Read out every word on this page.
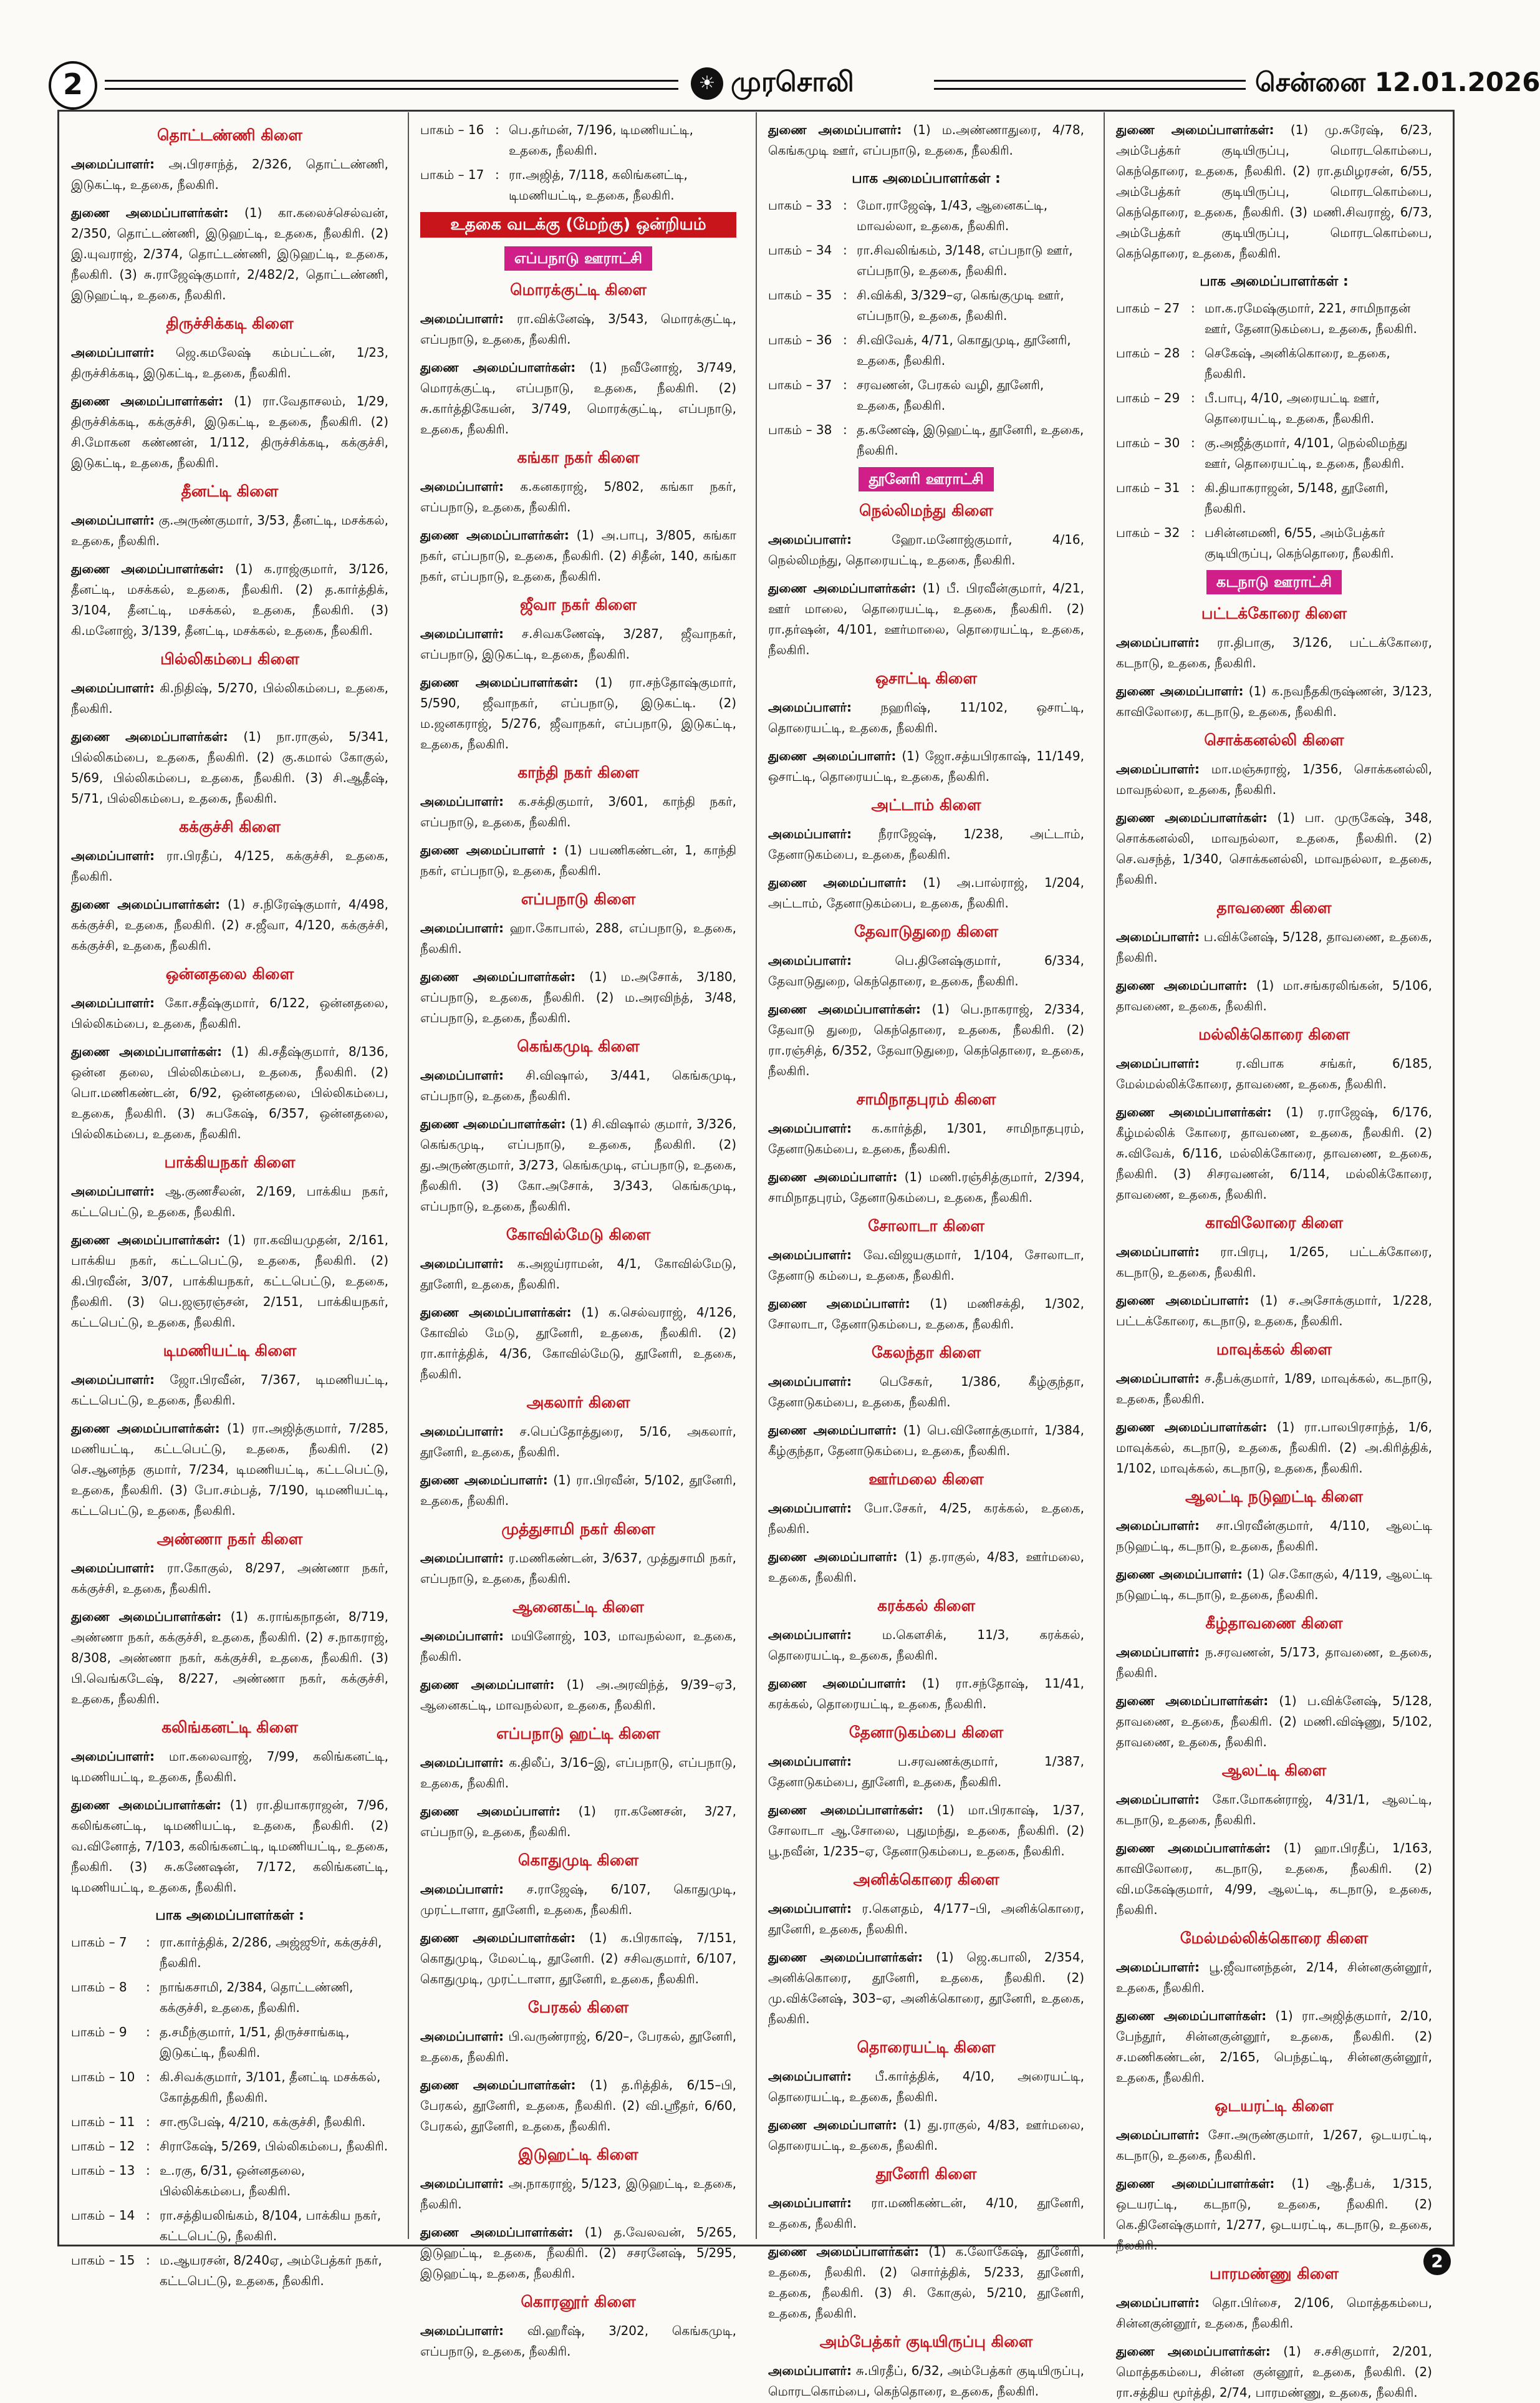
2	☀ முரசொலி	சென்னை 12.01.2026
தொட்டண்ணி கிளை
அமைப்பாளர்: அ.பிரசாந்த், 2/326, தொட்டண்ணி, இடுகட்டி, உதகை, நீலகிரி.
துணை அமைப்பாளர்கள்: (1) கா.கலைச்செல்வன், 2/350, தொட்டண்ணி, இடுஹட்டி, உதகை, நீலகிரி. (2) இ.யுவராஜ், 2/374, தொட்டண்ணி, இடுஹட்டி, உதகை, நீலகிரி. (3) சு.ராஜேஷ்குமார், 2/482/2, தொட்டண்ணி, இடுஹட்டி, உதகை, நீலகிரி.
திருச்சிக்கடி கிளை
அமைப்பாளர்: ஜெ.கமலேஷ் கம்பட்டன், 1/23, திருச்சிக்கடி, இடுகட்டி, உதகை, நீலகிரி.
துணை அமைப்பாளர்கள்: (1) ரா.வேதாசலம், 1/29, திருச்சிக்கடி, கக்குச்சி, இடுகட்டி, உதகை, நீலகிரி. (2) சி.மோகன கண்ணன், 1/112, திருச்சிக்கடி, கக்குச்சி, இடுகட்டி, உதகை, நீலகிரி.
தீனட்டி கிளை
அமைப்பாளர்: கு.அருண்குமார், 3/53, தீனட்டி, மசக்கல், உதகை, நீலகிரி.
துணை அமைப்பாளர்கள்: (1) க.ராஜ்குமார், 3/126, தீனட்டி, மசக்கல், உதகை, நீலகிரி. (2) த.கார்த்திக், 3/104, தீனட்டி, மசக்கல், உதகை, நீலகிரி. (3) கி.மனோஜ், 3/139, தீனட்டி, மசக்கல், உதகை, நீலகிரி.
பில்லிகம்பை கிளை
அமைப்பாளர்: கி.நிதிஷ், 5/270, பில்லிகம்பை, உதகை, நீலகிரி.
துணை அமைப்பாளர்கள்: (1) நா.ராகுல், 5/341, பில்லிகம்பை, உதகை, நீலகிரி. (2) கு.கமால் கோகுல், 5/69, பில்லிகம்பை, உதகை, நீலகிரி. (3) சி.ஆதீஷ், 5/71, பில்லிகம்பை, உதகை, நீலகிரி.
கக்குச்சி கிளை
அமைப்பாளர்: ரா.பிரதீப், 4/125, கக்குச்சி, உதகை, நீலகிரி.
துணை அமைப்பாளர்கள்: (1) ச.நிரேஷ்குமார், 4/498, கக்குச்சி, உதகை, நீலகிரி. (2) ச.ஜீவா, 4/120, கக்குச்சி, கக்குச்சி, உதகை, நீலகிரி.
ஒன்னதலை கிளை
அமைப்பாளர்: கோ.சதீஷ்குமார், 6/122, ஒன்னதலை, பில்லிகம்பை, உதகை, நீலகிரி.
துணை அமைப்பாளர்கள்: (1) கி.சதீஷ்குமார், 8/136, ஒன்ன தலை, பில்லிகம்பை, உதகை, நீலகிரி. (2) பொ.மணிகண்டன், 6/92, ஒன்னதலை, பில்லிகம்பை, உதகை, நீலகிரி. (3) சுபகேஷ், 6/357, ஒன்னதலை, பில்லிகம்பை, உதகை, நீலகிரி.
பாக்கியநகர் கிளை
அமைப்பாளர்: ஆ.குணசீலன், 2/169, பாக்கிய நகர், கட்டபெட்டு, உதகை, நீலகிரி.
துணை அமைப்பாளர்கள்: (1) ரா.கவியமுதன், 2/161, பாக்கிய நகர், கட்டபெட்டு, உதகை, நீலகிரி. (2) கி.பிரவீன், 3/07, பாக்கியநகர், கட்டபெட்டு, உதகை, நீலகிரி. (3) பெ.ஜஞரஞ்சன், 2/151, பாக்கியநகர், கட்டபெட்டு, உதகை, நீலகிரி.
டிமணியட்டி கிளை
அமைப்பாளர்: ஜோ.பிரவீன், 7/367, டிமணியட்டி, கட்டபெட்டு, உதகை, நீலகிரி.
துணை அமைப்பாளர்கள்: (1) ரா.அஜித்குமார், 7/285, மணியட்டி, கட்டபெட்டு, உதகை, நீலகிரி. (2) செ.ஆனந்த குமார், 7/234, டிமணியட்டி, கட்டபெட்டு, உதகை, நீலகிரி. (3) போ.சம்பத், 7/190, டிமணியட்டி, கட்டபெட்டு, உதகை, நீலகிரி.
அண்ணா நகர் கிளை
அமைப்பாளர்: ரா.கோகுல், 8/297, அண்ணா நகர், கக்குச்சி, உதகை, நீலகிரி.
துணை அமைப்பாளர்கள்: (1) க.ராங்கநாதன், 8/719, அண்ணா நகர், கக்குச்சி, உதகை, நீலகிரி. (2) ச.நாகராஜ், 8/308, அண்ணா நகர், கக்குச்சி, உதகை, நீலகிரி. (3) பி.வெங்கடேஷ், 8/227, அண்ணா நகர், கக்குச்சி, உதகை, நீலகிரி.
கலிங்கனட்டி கிளை
அமைப்பாளர்: மா.கலைவாஜ், 7/99, கலிங்கனட்டி, டிமணியட்டி, உதகை, நீலகிரி.
துணை அமைப்பாளர்கள்: (1) ரா.தியாகராஜன், 7/96, கலிங்கனட்டி, டிமணியட்டி, உதகை, நீலகிரி. (2) வ.வினோத், 7/103, கலிங்கனட்டி, டிமணியட்டி, உதகை, நீலகிரி. (3) சு.கணேஷன், 7/172, கலிங்கனட்டி, டிமணியட்டி, உதகை, நீலகிரி.
பாக அமைப்பாளர்கள் :
பாகம் – 7	: ரா.கார்த்திக், 2/286, அஜ்ஜூர், கக்குச்சி, நீலகிரி.
பாகம் – 8	: நாங்கசாமி, 2/384, தொட்டண்ணி, கக்குச்சி, உதகை, நீலகிரி.
பாகம் – 9	: த.சமீந்குமார், 1/51, திருச்சாங்கடி, இடுகட்டி, நீலகிரி.
பாகம் – 10 : கி.சிவக்குமார், 3/101, தீனட்டி மசக்கல், கோத்தகிரி, நீலகிரி.
பாகம் – 11 : சா.ரூபேஷ், 4/210, கக்குச்சி, நீலகிரி.
பாகம் – 12 : சிராகேஷ், 5/269, பில்லிகம்பை, நீலகிரி.
பாகம் – 13 : உ.ரகு, 6/31, ஒன்னதலை, பில்லிக்கம்பை, நீலகிரி.
பாகம் – 14 : ரா.சத்தியலிங்கம், 8/104, பாக்கிய நகர், கட்டபெட்டு, நீலகிரி.
பாகம் – 15 : ம.ஆயரசன், 8/240ஏ, அம்பேத்கர் நகர், கட்டபெட்டு, உதகை, நீலகிரி.
பாகம் – 16 : பெ.தர்மன், 7/196, டிமணியட்டி, உதகை, நீலகிரி.
பாகம் – 17 : ரா.அஜித், 7/118, கலிங்கனட்டி, டிமணியட்டி, உதகை, நீலகிரி.
உதகை வடக்கு (மேற்கு) ஒன்றியம்
எப்பநாடு ஊராட்சி
மொரக்குட்டி கிளை
அமைப்பாளர்: ரா.விக்னேஷ், 3/543, மொரக்குட்டி, எப்பநாடு, உதகை, நீலகிரி.
துணை அமைப்பாளர்கள்: (1) நவீனோஜ், 3/749, மொரக்குட்டி, எப்பநாடு, உதகை, நீலகிரி. (2) சு.கார்த்திகேயன், 3/749, மொரக்குட்டி, எப்பநாடு, உதகை, நீலகிரி.
கங்கா நகர் கிளை
அமைப்பாளர்: க.கனகராஜ், 5/802, கங்கா நகர், எப்பநாடு, உதகை, நீலகிரி.
துணை அமைப்பாளர்கள்: (1) அ.பாபு, 3/805, கங்கா நகர், எப்பநாடு, உதகை, நீலகிரி. (2) சிதீன், 140, கங்கா நகர், எப்பநாடு, உதகை, நீலகிரி.
ஜீவா நகர் கிளை
அமைப்பாளர்: ச.சிவகணேஷ், 3/287, ஜீவாநகர், எப்பநாடு, இடுகட்டி, உதகை, நீலகிரி.
துணை அமைப்பாளர்கள்: (1) ரா.சந்தோஷ்குமார், 5/590, ஜீவாநகர், எப்பநாடு, இடுகட்டி. (2) ம.ஜனகராஜ், 5/276, ஜீவாநகர், எப்பநாடு, இடுகட்டி, உதகை, நீலகிரி.
காந்தி நகர் கிளை
அமைப்பாளர்: க.சக்திகுமார், 3/601, காந்தி நகர், எப்பநாடு, உதகை, நீலகிரி.
துணை அமைப்பாளர் : (1) பயணிகண்டன், 1, காந்தி நகர், எப்பநாடு, உதகை, நீலகிரி.
எப்பநாடு கிளை
அமைப்பாளர்: ஹா.கோபால், 288, எப்பநாடு, உதகை, நீலகிரி.
துணை அமைப்பாளர்கள்: (1) ம.அசோக், 3/180, எப்பநாடு, உதகை, நீலகிரி. (2) ம.அரவிந்த், 3/48, எப்பநாடு, உதகை, நீலகிரி.
கெங்கமுடி கிளை
அமைப்பாளர்: சி.விஷால், 3/441, கெங்கமுடி, எப்பநாடு, உதகை, நீலகிரி.
துணை அமைப்பாளர்கள்: (1) சி.விஷால் குமார், 3/326, கெங்கமுடி, எப்பநாடு, உதகை, நீலகிரி. (2) து.அருண்குமார், 3/273, கெங்கமுடி, எப்பநாடு, உதகை, நீலகிரி. (3) கோ.அசோக், 3/343, கெங்கமுடி, எப்பநாடு, உதகை, நீலகிரி.
கோவில்மேடு கிளை
அமைப்பாளர்: க.அஜய்ராமன், 4/1, கோவில்மேடு, தூனேரி, உதகை, நீலகிரி.
துணை அமைப்பாளர்கள்: (1) க.செல்வராஜ், 4/126, கோவில் மேடு, தூனேரி, உதகை, நீலகிரி. (2) ரா.கார்த்திக், 4/36, கோவில்மேடு, தூனேரி, உதகை, நீலகிரி.
அகலார் கிளை
அமைப்பாளர்: ச.பெப்தோத்துரை, 5/16, அகலார், தூனேரி, உதகை, நீலகிரி.
துணை அமைப்பாளர்: (1) ரா.பிரவீன், 5/102, தூனேரி, உதகை, நீலகிரி.
முத்துசாமி நகர் கிளை
அமைப்பாளர்: ர.மணிகண்டன், 3/637, முத்துசாமி நகர், எப்பநாடு, உதகை, நீலகிரி.
ஆனைகட்டி கிளை
அமைப்பாளர்: மயினோஜ், 103, மாவநல்லா, உதகை, நீலகிரி.
துணை அமைப்பாளர்: (1) அ.அரவிந்த், 9/39–ஏ3, ஆனைகட்டி, மாவநல்லா, உதகை, நீலகிரி.
எப்பநாடு ஹட்டி கிளை
அமைப்பாளர்: க.திலீப், 3/16–இ, எப்பநாடு, எப்பநாடு, உதகை, நீலகிரி.
துணை அமைப்பாளர்: (1) ரா.கணேசன், 3/27, எப்பநாடு, உதகை, நீலகிரி.
கொதுமுடி கிளை
அமைப்பாளர்: ச.ராஜேஷ், 6/107, கொதுமுடி, முரட்டாளா, தூனேரி, உதகை, நீலகிரி.
துணை அமைப்பாளர்கள்: (1) க.பிரகாஷ், 7/151, கொதுமுடி, மேலட்டி, தூனேரி. (2) சசிவகுமார், 6/107, கொதுமுடி, முரட்டாளா, தூனேரி, உதகை, நீலகிரி.
பேரகல் கிளை
அமைப்பாளர்: பி.வருண்ராஜ், 6/20–, பேரகல், தூனேரி, உதகை, நீலகிரி.
துணை அமைப்பாளர்கள்: (1) த.ரித்திக், 6/15–பி, பேரகல், தூனேரி, உதகை, நீலகிரி. (2) வி.ஸ்ரீதர், 6/60, பேரகல், தூனேரி, உதகை, நீலகிரி.
இடுஹட்டி கிளை
அமைப்பாளர்: அ.நாகராஜ், 5/123, இடுஹட்டி, உதகை, நீலகிரி.
துணை அமைப்பாளர்கள்: (1) த.வேலவன், 5/265, இடுஹட்டி, உதகை, நீலகிரி. (2) சசரனேஷ், 5/295, இடுஹட்டி, உதகை, நீலகிரி.
கொரனூர் கிளை
அமைப்பாளர்: வி.ஹரீஷ், 3/202, கெங்கமுடி, எப்பநாடு, உதகை, நீலகிரி.
துணை அமைப்பாளர்: (1) ம.அண்ணாதுரை, 4/78, கெங்கமுடி ஊர், எப்பநாடு, உதகை, நீலகிரி.
பாக அமைப்பாளர்கள் :
பாகம் – 33 : மோ.ராஜேஷ், 1/43, ஆனைகட்டி, மாவல்லா, உதகை, நீலகிரி.
பாகம் – 34 : ரா.சிவலிங்கம், 3/148, எப்பநாடு ஊர், எப்பநாடு, உதகை, நீலகிரி.
பாகம் – 35 : சி.விக்கி, 3/329–ஏ, கெங்குமுடி ஊர், எப்பநாடு, உதகை, நீலகிரி.
பாகம் – 36 : சி.விவேக், 4/71, கொதுமுடி, தூனேரி, உதகை, நீலகிரி.
பாகம் – 37 : சரவணன், பேரகல் வழி, தூனேரி, உதகை, நீலகிரி.
பாகம் – 38 : த.கணேஷ், இடுஹட்டி, தூனேரி, உதகை, நீலகிரி.
தூனேரி ஊராட்சி
நெல்லிமந்து கிளை
அமைப்பாளர்: ஹோ.மனோஜ்குமார், 4/16, நெல்லிமந்து, தொரையட்டி, உதகை, நீலகிரி.
துணை அமைப்பாளர்கள்: (1) பீ. பிரவீன்குமார், 4/21, ஊர் மாலை, தொரையட்டி, உதகை, நீலகிரி. (2) ரா.தர்ஷன், 4/101, ஊர்மாலை, தொரையட்டி, உதகை, நீலகிரி.
ஒசாட்டி கிளை
அமைப்பாளர்: நஹரிஷ், 11/102, ஒசாட்டி, தொரையட்டி, உதகை, நீலகிரி.
துணை அமைப்பாளர்: (1) ஜோ.சத்யபிரகாஷ், 11/149, ஒசாட்டி, தொரையட்டி, உதகை, நீலகிரி.
அட்டாம் கிளை
அமைப்பாளர்: நீராஜேஷ், 1/238, அட்டாம், தேனாடுகம்பை, உதகை, நீலகிரி.
துணை அமைப்பாளர்: (1) அ.பால்ராஜ், 1/204, அட்டாம், தேனாடுகம்பை, உதகை, நீலகிரி.
தேவாடுதுறை கிளை
அமைப்பாளர்: பெ.தினேஷ்குமார், 6/334, தேவாடுதுறை, கெந்தொரை, உதகை, நீலகிரி.
துணை அமைப்பாளர்கள்: (1) பெ.நாகராஜ், 2/334, தேவாடு துறை, கெந்தொரை, உதகை, நீலகிரி. (2) ரா.ரஞ்சித், 6/352, தேவாடுதுறை, கெந்தொரை, உதகை, நீலகிரி.
சாமிநாதபுரம் கிளை
அமைப்பாளர்: க.கார்த்தி, 1/301, சாமிநாதபுரம், தேனாடுகம்பை, உதகை, நீலகிரி.
துணை அமைப்பாளர்: (1) மணி.ரஞ்சித்குமார், 2/394, சாமிநாதபுரம், தேனாடுகம்பை, உதகை, நீலகிரி.
சோலாடா கிளை
அமைப்பாளர்: வே.விஜயகுமார், 1/104, சோலாடா, தேனாடு கம்பை, உதகை, நீலகிரி.
துணை அமைப்பாளர்: (1) மணிசக்தி, 1/302, சோலாடா, தேனாடுகம்பை, உதகை, நீலகிரி.
கேலந்தா கிளை
அமைப்பாளர்: பெசேகர், 1/386, கீழ்குந்தா, தேனாடுகம்பை, உதகை, நீலகிரி.
துணை அமைப்பாளர்: (1) பெ.வினோத்குமார், 1/384, கீழ்குந்தா, தேனாடுகம்பை, உதகை, நீலகிரி.
ஊர்மலை கிளை
அமைப்பாளர்: போ.சேகர், 4/25, கரக்கல், உதகை, நீலகிரி.
துணை அமைப்பாளர்: (1) த.ராகுல், 4/83, ஊர்மலை, உதகை, நீலகிரி.
கரக்கல் கிளை
அமைப்பாளர்: ம.கௌசிக், 11/3, கரக்கல், தொரையட்டி, உதகை, நீலகிரி.
துணை அமைப்பாளர்: (1) ரா.சந்தோஷ், 11/41, கரக்கல், தொரையட்டி, உதகை, நீலகிரி.
தேனாடுகம்பை கிளை
அமைப்பாளர்: ப.சரவணக்குமார், 1/387, தேனாடுகம்பை, தூனேரி, உதகை, நீலகிரி.
துணை அமைப்பாளர்கள்: (1) மா.பிரகாஷ், 1/37, சோலாடா ஆ.சோலை, புதுமந்து, உதகை, நீலகிரி. (2) பூ.நவீன், 1/235–ஏ, தேனாடுகம்பை, உதகை, நீலகிரி.
அனிக்கொரை கிளை
அமைப்பாளர்: ர.கௌதம், 4/177–பி, அனிக்கொரை, தூனேரி, உதகை, நீலகிரி.
துணை அமைப்பாளர்கள்: (1) ஜெ.கபாலி, 2/354, அனிக்கொரை, தூனேரி, உதகை, நீலகிரி. (2) மு.விக்னேஷ், 303–ஏ, அனிக்கொரை, தூனேரி, உதகை, நீலகிரி.
தொரையட்டி கிளை
அமைப்பாளர்: பீ.கார்த்திக், 4/10, அரையட்டி, தொரையட்டி, உதகை, நீலகிரி.
துணை அமைப்பாளர்: (1) து.ராகுல், 4/83, ஊர்மலை, தொரையட்டி, உதகை, நீலகிரி.
தூனேரி கிளை
அமைப்பாளர்: ரா.மணிகண்டன், 4/10, தூனேரி, உதகை, நீலகிரி.
துணை அமைப்பாளர்கள்: (1) க.லோகேஷ், தூனேரி, உதகை, நீலகிரி. (2) சொர்த்திக், 5/233, தூனேரி, உதகை, நீலகிரி. (3) சி. கோகுல், 5/210, தூனேரி, உதகை, நீலகிரி.
அம்பேத்கர் குடியிருப்பு கிளை
அமைப்பாளர்: சு.பிரதீப், 6/32, அம்பேத்கர் குடியிருப்பு, மொரடகொம்பை, கெந்தொரை, உதகை, நீலகிரி.
துணை அமைப்பாளர்கள்: (1) மு.சுரேஷ், 6/23, அம்பேத்கர் குடியிருப்பு, மொரடகொம்பை, கெந்தொரை, உதகை, நீலகிரி. (2) ரா.தமிழரசன், 6/55, அம்பேத்கர் குடியிருப்பு, மொரடகொம்பை, கெந்தொரை, உதகை, நீலகிரி. (3) மணி.சிவராஜ், 6/73, அம்பேத்கர் குடியிருப்பு, மொரடகொம்பை, கெந்தொரை, உதகை, நீலகிரி.
பாக அமைப்பாளர்கள் :
பாகம் – 27 : மா.க.ரமேஷ்குமார், 221, சாமிநாதன் ஊர், தேனாடுகம்பை, உதகை, நீலகிரி.
பாகம் – 28 : செகேஷ், அனிக்கொரை, உதகை, நீலகிரி.
பாகம் – 29 : பீ.பாபு, 4/10, அரையட்டி ஊர், தொரையட்டி, உதகை, நீலகிரி.
பாகம் – 30 : கு.அஜீத்குமார், 4/101, நெல்லிமந்து ஊர், தொரையட்டி, உதகை, நீலகிரி.
பாகம் – 31 : கி.தியாகராஜன், 5/148, தூனேரி, நீலகிரி.
பாகம் – 32 : பசின்னமணி, 6/55, அம்பேத்கர் குடியிருப்பு, கெந்தொரை, நீலகிரி.
கடநாடு ஊராட்சி
பட்டக்கோரை கிளை
அமைப்பாளர்: ரா.திபாகு, 3/126, பட்டக்கோரை, கடநாடு, உதகை, நீலகிரி.
துணை அமைப்பாளர்: (1) க.நவநீதகிருஷ்ணன், 3/123, காவிலோரை, கடநாடு, உதகை, நீலகிரி.
சொக்கனல்லி கிளை
அமைப்பாளர்: மா.மஞ்சுராஜ், 1/356, சொக்கனல்லி, மாவநல்லா, உதகை, நீலகிரி.
துணை அமைப்பாளர்கள்: (1) பா. முருகேஷ், 348, சொக்கனல்லி, மாவநல்லா, உதகை, நீலகிரி. (2) செ.வசந்த், 1/340, சொக்கனல்லி, மாவநல்லா, உதகை, நீலகிரி.
தாவணை கிளை
அமைப்பாளர்: ப.விக்னேஷ், 5/128, தாவணை, உதகை, நீலகிரி.
துணை அமைப்பாளர்: (1) மா.சங்கரலிங்கன், 5/106, தாவணை, உதகை, நீலகிரி.
மல்லிக்கொரை கிளை
அமைப்பாளர்: ர.விபாக சங்கர், 6/185, மேல்மல்லிக்கோரை, தாவணை, உதகை, நீலகிரி.
துணை அமைப்பாளர்கள்: (1) ர.ராஜேஷ், 6/176, கீழ்மல்லிக் கோரை, தாவணை, உதகை, நீலகிரி. (2) சு.விவேக், 6/116, மல்லிக்கோரை, தாவணை, உதகை, நீலகிரி. (3) சிசரவணன், 6/114, மல்லிக்கோரை, தாவணை, உதகை, நீலகிரி.
காவிலோரை கிளை
அமைப்பாளர்: ரா.பிரபு, 1/265, பட்டக்கோரை, கடநாடு, உதகை, நீலகிரி.
துணை அமைப்பாளர்: (1) ச.அசோக்குமார், 1/228, பட்டக்கோரை, கடநாடு, உதகை, நீலகிரி.
மாவுக்கல் கிளை
அமைப்பாளர்: ச.தீபக்குமார், 1/89, மாவுக்கல், கடநாடு, உதகை, நீலகிரி.
துணை அமைப்பாளர்கள்: (1) ரா.பாலபிரசாந்த், 1/6, மாவுக்கல், கடநாடு, உதகை, நீலகிரி. (2) அ.கிரித்திக், 1/102, மாவுக்கல், கடநாடு, உதகை, நீலகிரி.
ஆலட்டி நடுஹட்டி கிளை
அமைப்பாளர்: சா.பிரவீன்குமார், 4/110, ஆலட்டி நடுஹட்டி, கடநாடு, உதகை, நீலகிரி.
துணை அமைப்பாளர்: (1) செ.கோகுல், 4/119, ஆலட்டி நடுஹட்டி, கடநாடு, உதகை, நீலகிரி.
கீழ்தாவணை கிளை
அமைப்பாளர்: ந.சரவணன், 5/173, தாவணை, உதகை, நீலகிரி.
துணை அமைப்பாளர்கள்: (1) ப.விக்னேஷ், 5/128, தாவணை, உதகை, நீலகிரி. (2) மணி.விஷ்ணு, 5/102, தாவணை, உதகை, நீலகிரி.
ஆலட்டி கிளை
அமைப்பாளர்: கோ.மோகன்ராஜ், 4/31/1, ஆலட்டி, கடநாடு, உதகை, நீலகிரி.
துணை அமைப்பாளர்கள்: (1) ஹா.பிரதீப், 1/163, காவிலோரை, கடநாடு, உதகை, நீலகிரி. (2) வி.மகேஷ்குமார், 4/99, ஆலட்டி, கடநாடு, உதகை, நீலகிரி.
மேல்மல்லிக்கொரை கிளை
அமைப்பாளர்: பூ.ஜீவானந்தன், 2/14, சின்னகுன்னூர், உதகை, நீலகிரி.
துணை அமைப்பாளர்கள்: (1) ரா.அஜித்குமார், 2/10, பேந்தூர், சின்னகுன்னூர், உதகை, நீலகிரி. (2) ச.மணிகண்டன், 2/165, பெந்தட்டி, சின்னகுன்னூர், உதகை, நீலகிரி.
ஒடயரட்டி கிளை
அமைப்பாளர்: சோ.அருண்குமார், 1/267, ஒடயரட்டி, கடநாடு, உதகை, நீலகிரி.
துணை அமைப்பாளர்கள்: (1) ஆ.தீபக், 1/315, ஒடயரட்டி, கடநாடு, உதகை, நீலகிரி. (2) கெ.தினேஷ்குமார், 1/277, ஒடயரட்டி, கடநாடு, உதகை, நீலகிரி.
பாரமண்ணு கிளை
அமைப்பாளர்: தொ.பிர்சை, 2/106, மொத்தகம்பை, சின்னகுன்னூர், உதகை, நீலகிரி.
துணை அமைப்பாளர்கள்: (1) ச.சசிகுமார், 2/201, மொத்தகம்பை, சின்ன குன்னூர், உதகை, நீலகிரி. (2) ரா.சத்திய மூர்த்தி, 2/74, பாரமண்ணு, உதகை, நீலகிரி.
2
